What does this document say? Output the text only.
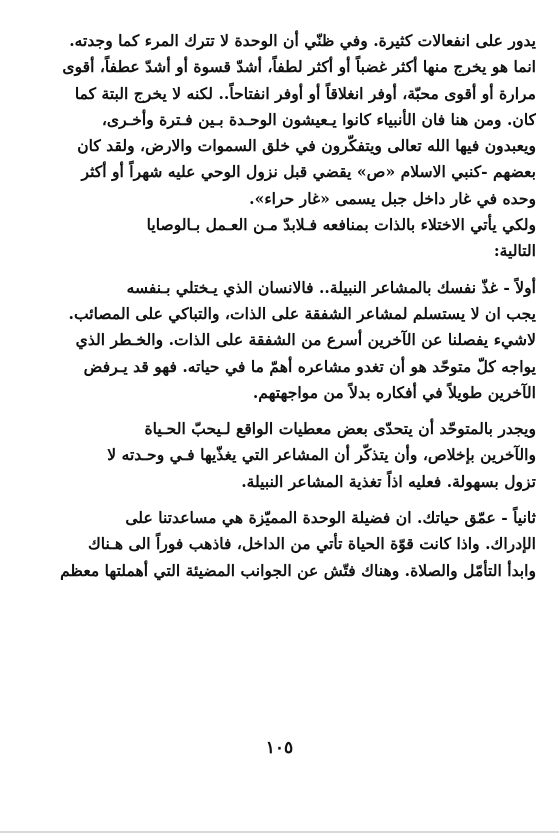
يدور على انفعالات كثيرة. وفي ظنّي أن الوحدة لا تترك المرء كما وجدته.
انما هو يخرج منها أكثر غضباً أو أكثر لطفاً، أشدّ قسوة أو أشدّ عطفاً، أقوى
مرارة أو أقوى محبّة، أوفر انغلاقاً أو أوفر انفتاحاً.. لكنه لا يخرج البتة كما
كان. ومن هنا فان الأنبياء كانوا يـعيشون الوحـدة بـين فـترة وأخـرى،
ويعبدون فيها الله تعالى ويتفكّرون في خلق السموات والارض، ولقد كان
بعضهم -كنبي الاسلام «ص» يقضي قبل نزول الوحي عليه شهراً أو أكثر
وحده في غار داخل جبل يسمى «غار حراء».
ولكي يأتي الاختلاء بالذات بمنافعه فـلابدّ مـن العـمل بـالوصايا
التالية:
أولاً - غذّ نفسك بالمشاعر النبيلة.. فالانسان الذي يـختلي بـنفسه
يجب ان لا يستسلم لمشاعر الشفقة على الذات، والتباكي على المصائب.
لاشيء يفصلنا عن الآخرين أسرع من الشفقة على الذات. والخـطر الذي
يواجه كلّ متوحّد هو أن تغدو مشاعره أهمّ ما في حياته. فهو قد يـرفض
الآخرين طويلاً في أفكاره بدلاً من مواجهتهم.
ويجدر بالمتوحّد أن يتحدّى بعض معطيات الواقع لـيحبّ الحـياة
والآخرين بإخلاص، وأن يتذكّر أن المشاعر التي يغذّيها فـي وحـدته لا
تزول بسهولة. فعليه اذاً تغذية المشاعر النبيلة.
ثانياً - عمّق حياتك. ان فضيلة الوحدة المميّزة هي مساعدتنا على
الإدراك. واذا كانت قوّة الحياة تأتي من الداخل، فاذهب فوراً الى هـناك
وابدأ التأمّل والصلاة. وهناك فتّش عن الجوانب المضيئة التي أهملتها معظم
١٠٥
